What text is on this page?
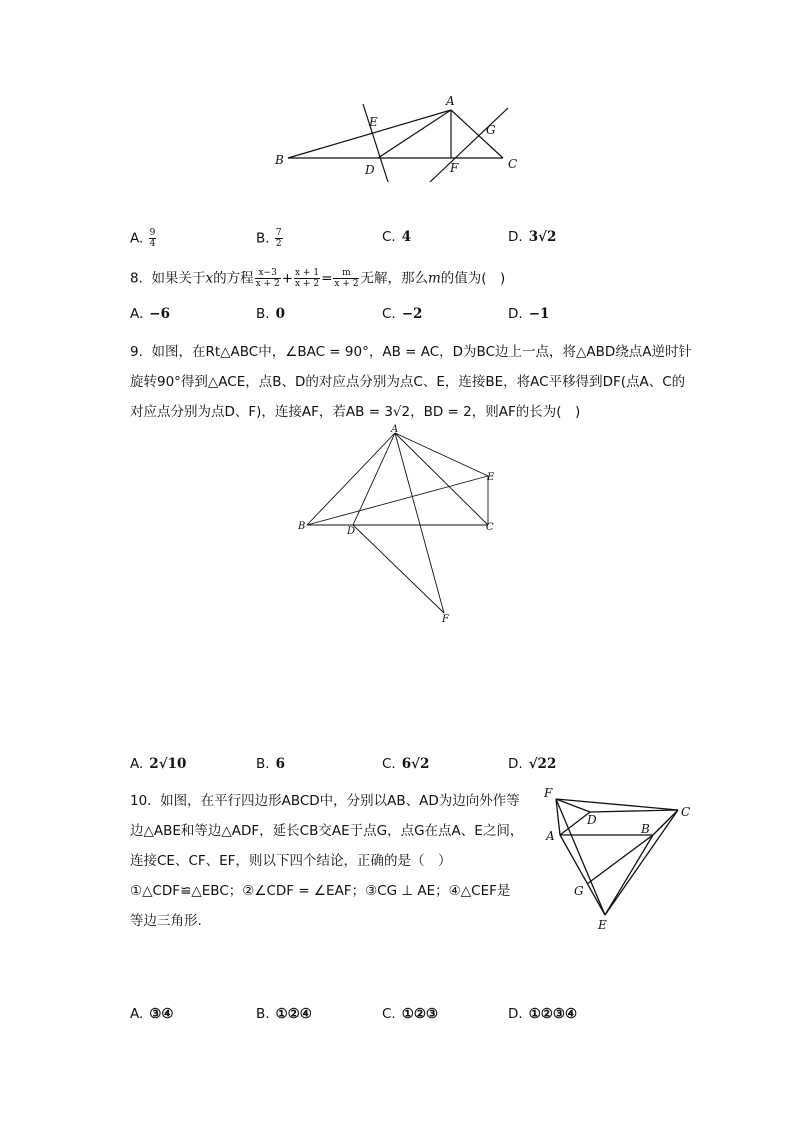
A
B	C
D
E
F
G
A. $\frac{9}{4}$	B. $\frac{7}{2}$	C. 4	D. 3√2
8. 如果关于x的方程 $\frac{x-3}{x + 2} + \frac{x + 1}{x + 2} = \frac{m}{x + 2}$ 无解，那么m的值为(　)
A. −6	B. 0	C. −2	D. −1
9. 如图，在Rt△ABC中，∠BAC = 90°，AB = AC，D为BC边上一点，将△ABD绕点A逆时针
旋转90°得到△ACE，点B、D的对应点分别为点C、E，连接BE，将AC平移得到DF(点A、C的
对应点分别为点D、F)，连接AF，若AB = 3√2，BD = 2，则AF的长为(　)
A
B	C
D
E
F
A. 2√10	B. 6	C. 6√2	D. √22
10. 如图，在平行四边形ABCD中，分别以AB、AD为边向外作等
边△ABE和等边△ADF，延长CB交AE于点G，点G在点A、E之间，
连接CE、CF、EF，则以下四个结论，正确的是（　）
①△CDF≌△EBC；②∠CDF = ∠EAF；③CG ⊥ AE；④△CEF是
等边三角形.
F
D
C
A	B
G
E
A. ③④	B. ①②④	C. ①②③	D. ①②③④
